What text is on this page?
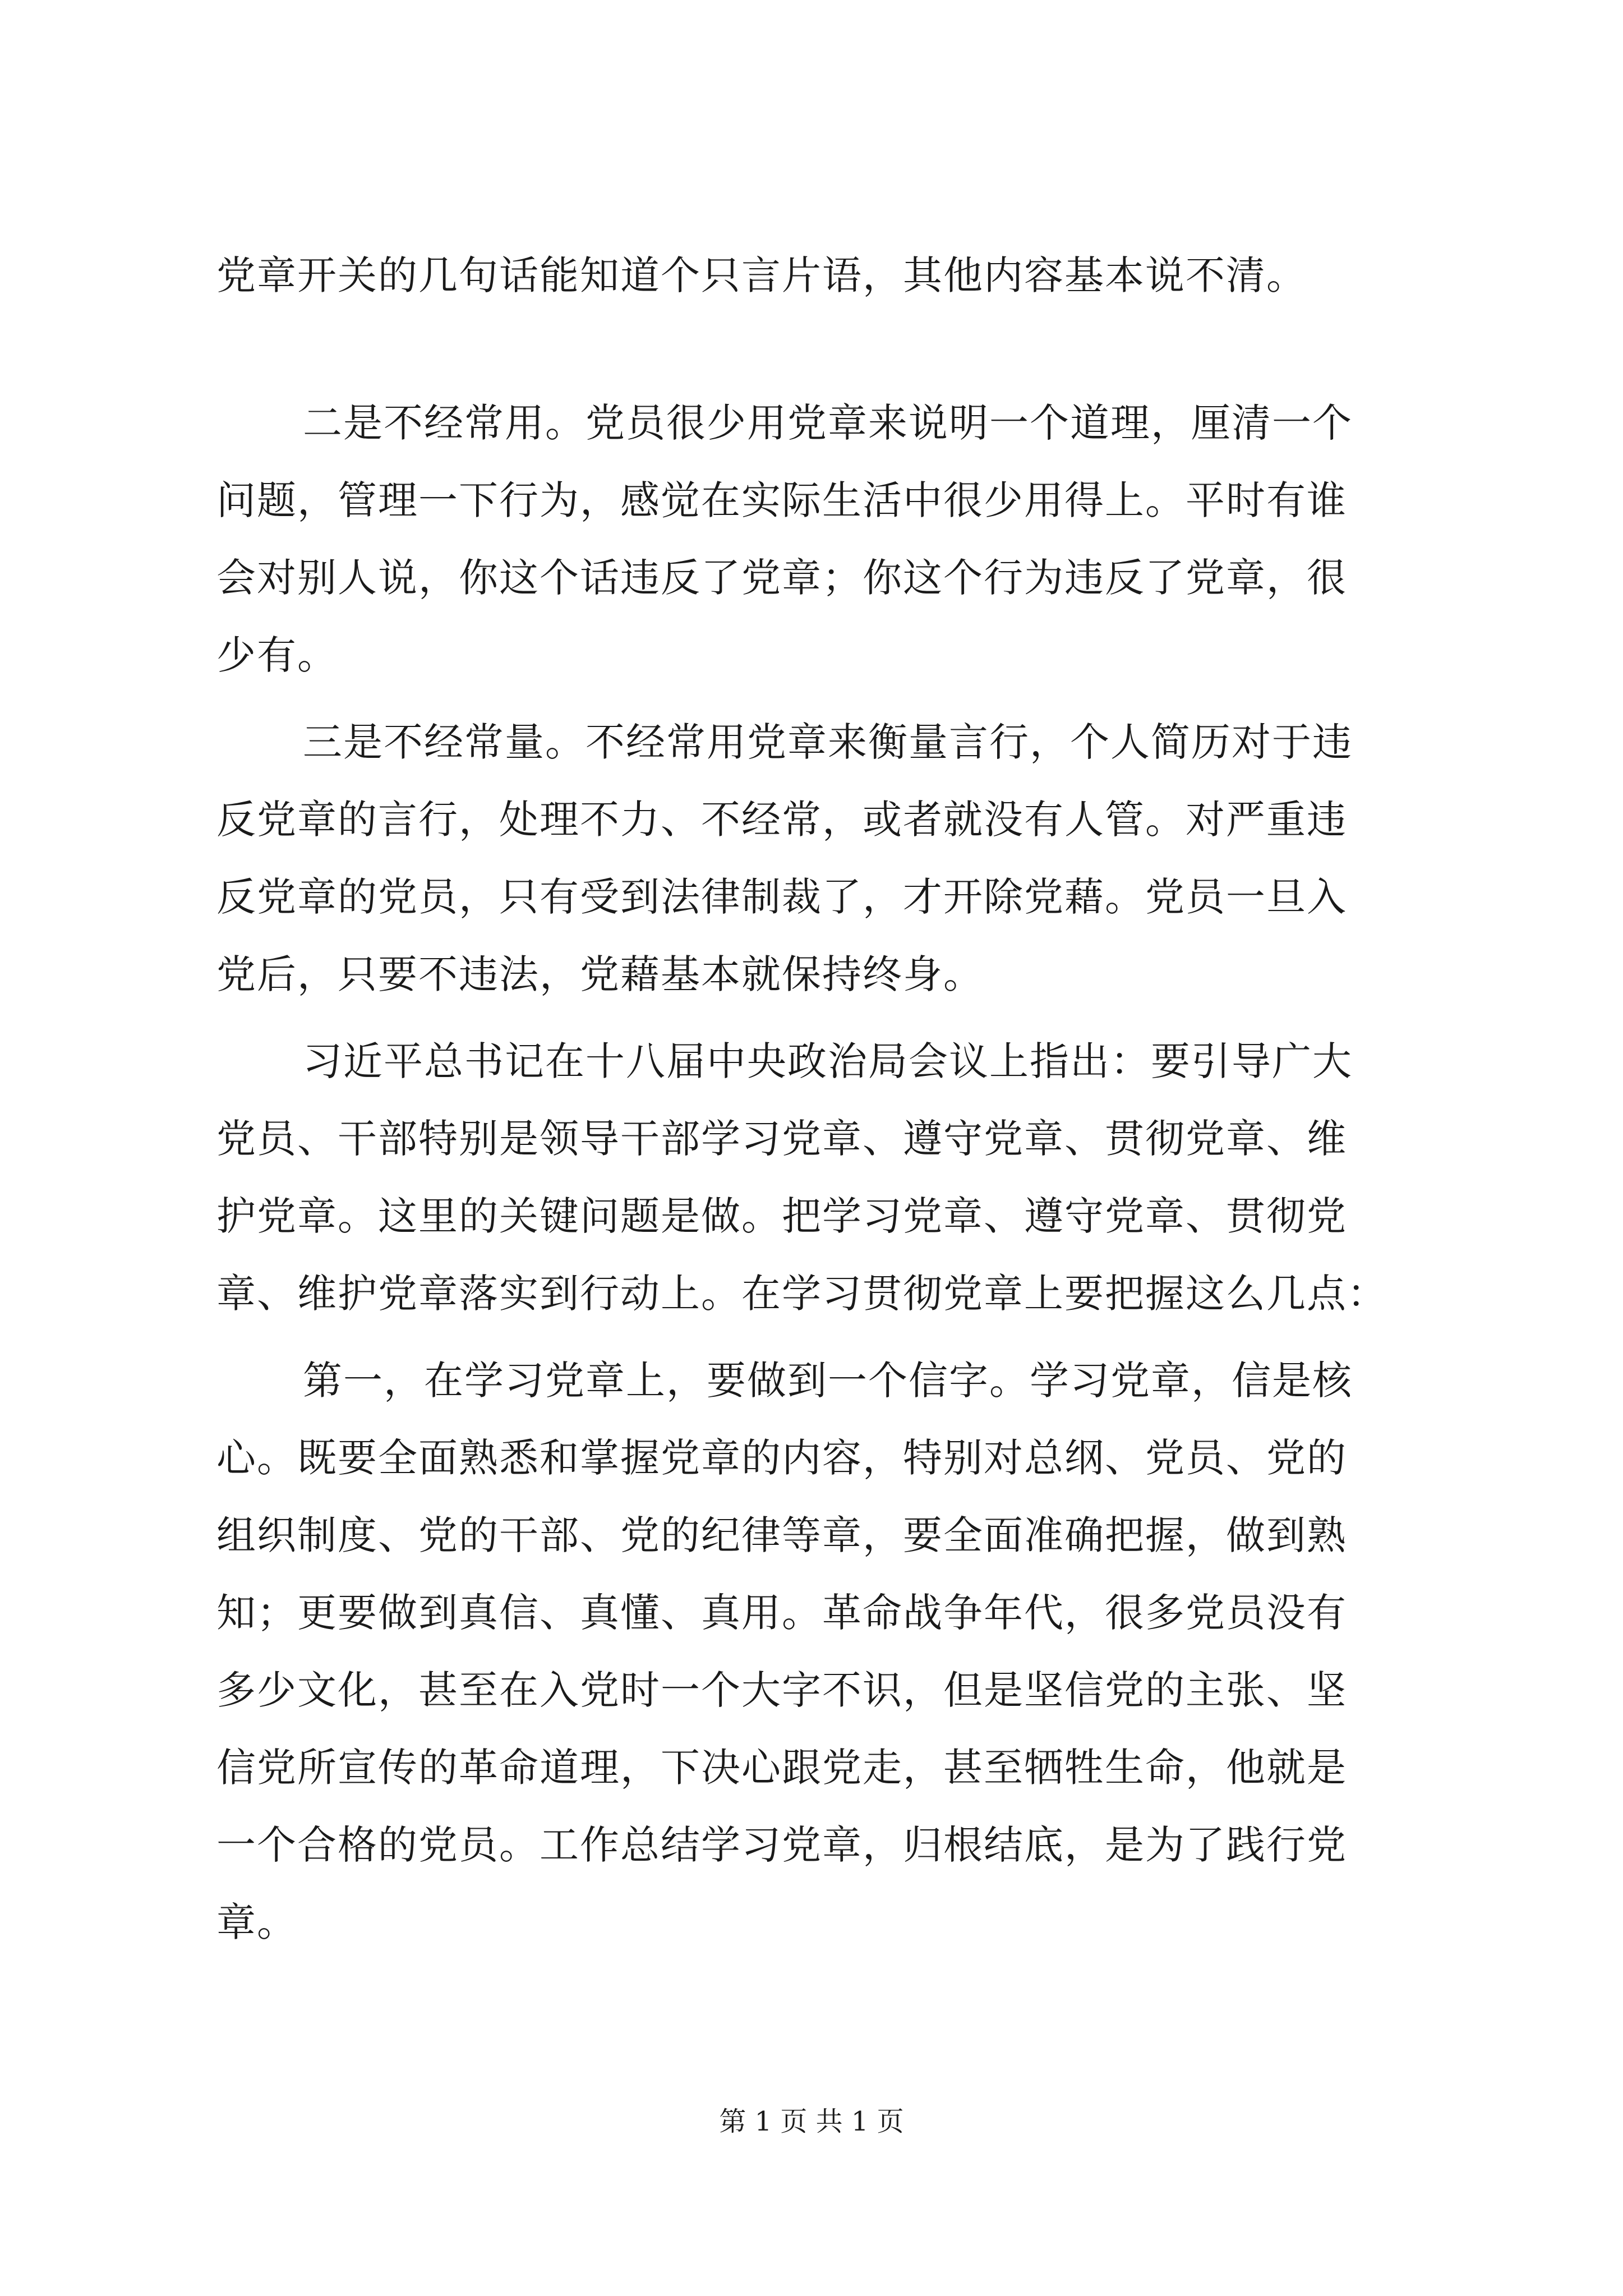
党章开关的几句话能知道个只言片语，其他内容基本说不清。
二是不经常用。党员很少用党章来说明一个道理，厘清一个
问题，管理一下行为，感觉在实际生活中很少用得上。平时有谁
会对别人说，你这个话违反了党章；你这个行为违反了党章，很
少有。
三是不经常量。不经常用党章来衡量言行，个人简历对于违
反党章的言行，处理不力、不经常，或者就没有人管。对严重违
反党章的党员，只有受到法律制裁了，才开除党藉。党员一旦入
党后，只要不违法，党藉基本就保持终身。
习近平总书记在十八届中央政治局会议上指出：要引导广大
党员、干部特别是领导干部学习党章、遵守党章、贯彻党章、维
护党章。这里的关键问题是做。把学习党章、遵守党章、贯彻党
章、维护党章落实到行动上。在学习贯彻党章上要把握这么几点：
第一，在学习党章上，要做到一个信字。学习党章，信是核
心。既要全面熟悉和掌握党章的内容，特别对总纲、党员、党的
组织制度、党的干部、党的纪律等章，要全面准确把握，做到熟
知；更要做到真信、真懂、真用。革命战争年代，很多党员没有
多少文化，甚至在入党时一个大字不识，但是坚信党的主张、坚
信党所宣传的革命道理，下决心跟党走，甚至牺牲生命，他就是
一个合格的党员。工作总结学习党章，归根结底，是为了践行党
章。
第 1 页 共 1 页
